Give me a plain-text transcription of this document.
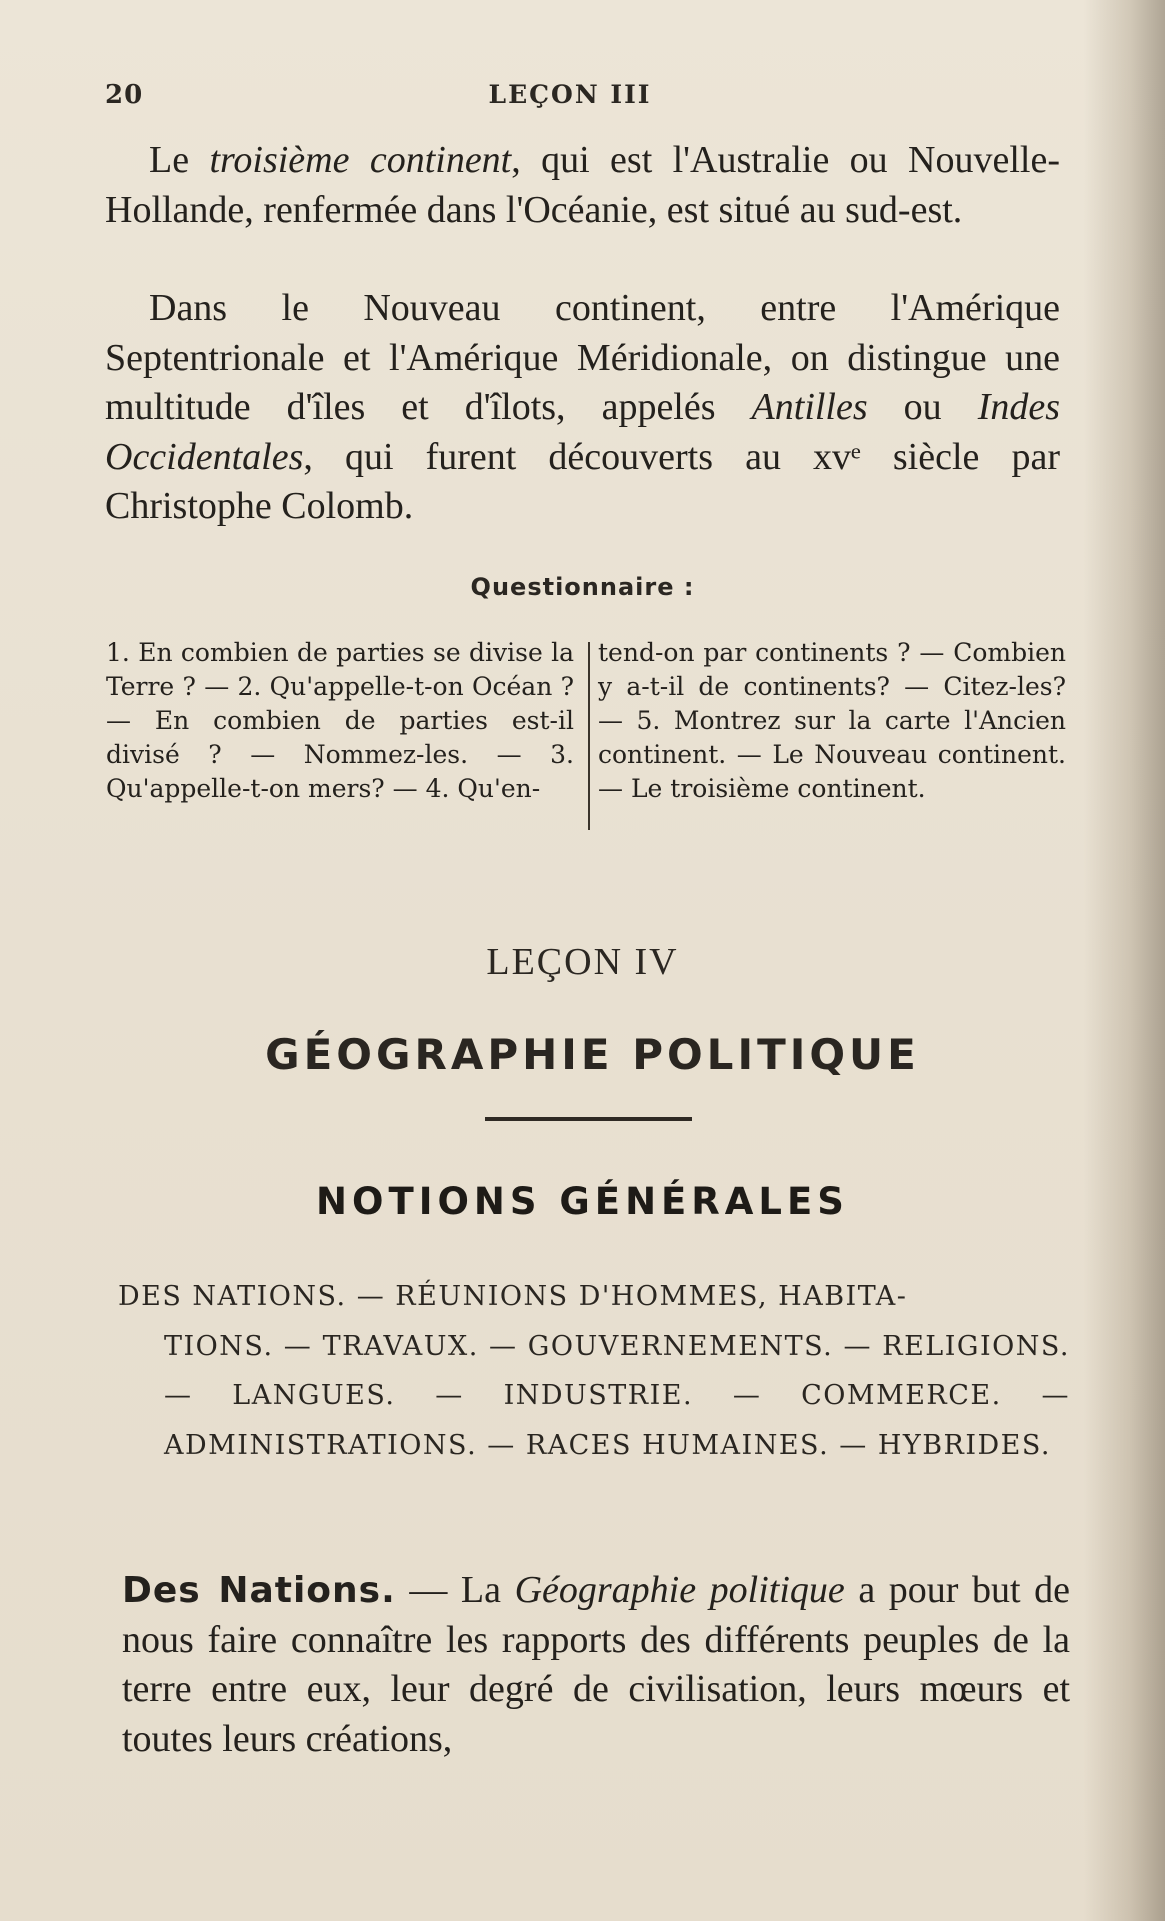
20	LEÇON III

Le troisième continent, qui est l'Australie ou Nouvelle-Hollande, renfermée dans l'Océanie, est situé au sud-est.

Dans le Nouveau continent, entre l'Amérique Septentrionale et l'Amérique Méridionale, on distingue une multitude d'îles et d'îlots, appelés Antilles ou Indes Occidentales, qui furent découverts au xvᵉ siècle par Christophe Colomb.

Questionnaire :
1. En combien de parties se divise la Terre ? — 2. Qu'appelle-t-on Océan ? — En combien de parties est-il divisé ? — Nommez-les. — 3. Qu'appelle-t-on mers? — 4. Qu'en-
tend-on par continents ? — Combien y a-t-il de continents? — Citez-les? — 5. Montrez sur la carte l'Ancien continent. — Le Nouveau continent. — Le troisième continent.
LEÇON IV
GÉOGRAPHIE POLITIQUE
NOTIONS GÉNÉRALES
DES NATIONS. — RÉUNIONS D'HOMMES, HABITA-
TIONS. — TRAVAUX. — GOUVERNEMENTS. — RELIGIONS. — LANGUES. — INDUSTRIE. — COMMERCE. — ADMINISTRATIONS. — RACES HUMAINES. — HYBRIDES.

Des Nations. — La Géographie politique a pour but de nous faire connaître les rapports des différents peuples de la terre entre eux, leur degré de civilisation, leurs mœurs et toutes leurs créations,
